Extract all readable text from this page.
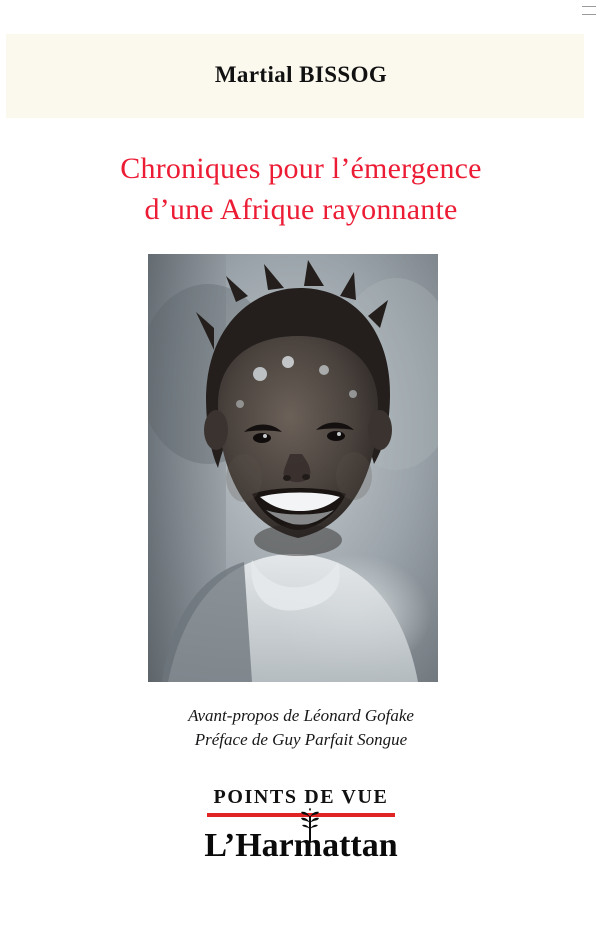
Martial BISSOG
Chroniques pour l’émergence
d’une Afrique rayonnante
Avant-propos de Léonard Gofake
Préface de Guy Parfait Songue
POINTS DE VUE
L’Harmattan
